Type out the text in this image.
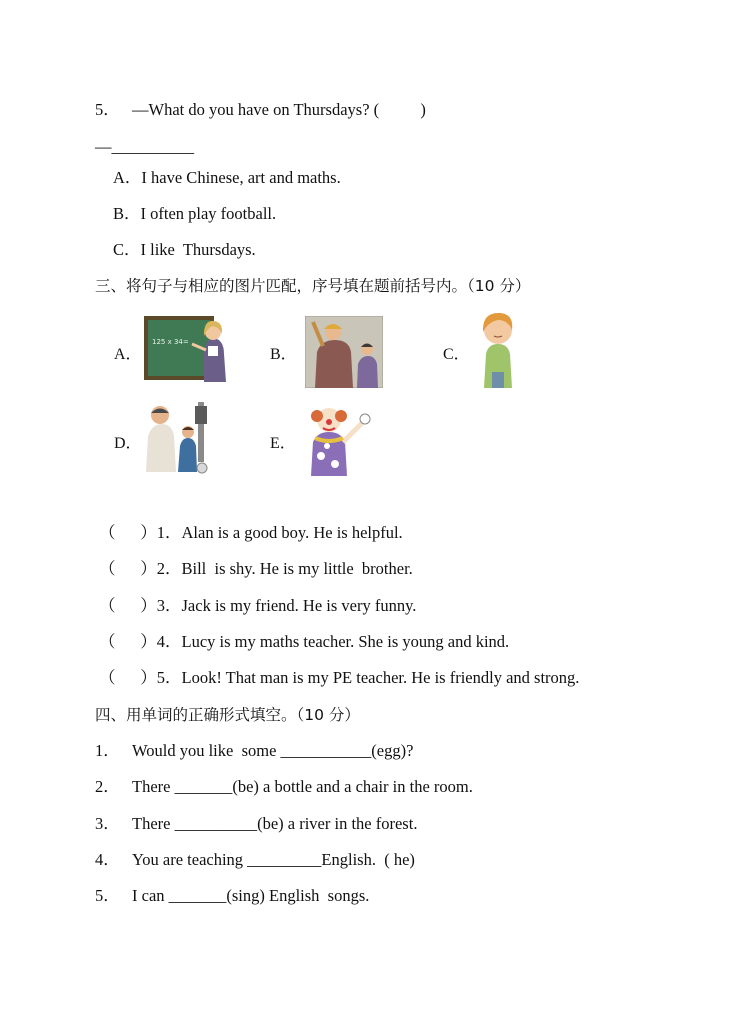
5． —What do you have on Thursdays? (          )
—__________
A．I have Chinese, art and maths.
B．I often play football.
C．I like  Thursdays.
三、将句子与相应的图片匹配，序号填在题前括号内。（10 分）
A．	B．	C．
D．	E．
125 x 34=
（      ）1．Alan is a good boy. He is helpful.
（      ）2．Bill  is shy. He is my little  brother.
（      ）3．Jack is my friend. He is very funny.
（      ）4．Lucy is my maths teacher. She is young and kind.
（      ）5．Look! That man is my PE teacher. He is friendly and strong.
四、用单词的正确形式填空。（10 分）
1． Would you like  some ___________(egg)?
2． There _______(be) a bottle and a chair in the room.
3． There __________(be) a river in the forest.
4． You are teaching _________English.  ( he)
5． I can _______(sing) English  songs.
